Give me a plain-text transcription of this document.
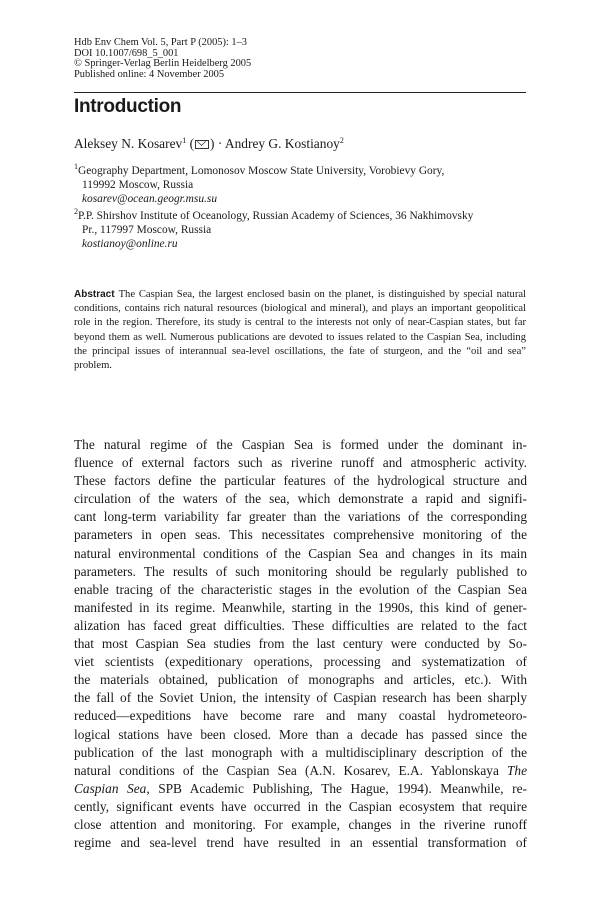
Hdb Env Chem Vol. 5, Part P (2005): 1–3
DOI 10.1007/698_5_001
© Springer-Verlag Berlin Heidelberg 2005
Published online: 4 November 2005
Introduction
Aleksey N. Kosarev$^1$ ( ) · Andrey G. Kostianoy$^2$
$^1$Geography Department, Lomonosov Moscow State University, Vorobievy Gory,
119992 Moscow, Russia
kosarev@ocean.geogr.msu.su
$^2$P.P. Shirshov Institute of Oceanology, Russian Academy of Sciences, 36 Nakhimovsky
Pr., 117997 Moscow, Russia
kostianoy@online.ru
Abstract The Caspian Sea, the largest enclosed basin on the planet, is distinguished by special natural conditions, contains rich natural resources (biological and mineral), and plays an important geopolitical role in the region. Therefore, its study is central to the interests not only of near-Caspian states, but far beyond them as well. Numerous publications are devoted to issues related to the Caspian Sea, including the principal issues of interannual sea-level oscillations, the fate of sturgeon, and the “oil and sea” problem.
The natural regime of the Caspian Sea is formed under the dominant in-
fluence of external factors such as riverine runoff and atmospheric activity.
These factors define the particular features of the hydrological structure and
circulation of the waters of the sea, which demonstrate a rapid and signifi-
cant long-term variability far greater than the variations of the corresponding
parameters in open seas. This necessitates comprehensive monitoring of the
natural environmental conditions of the Caspian Sea and changes in its main
parameters. The results of such monitoring should be regularly published to
enable tracing of the characteristic stages in the evolution of the Caspian Sea
manifested in its regime. Meanwhile, starting in the 1990s, this kind of gener-
alization has faced great difficulties. These difficulties are related to the fact
that most Caspian Sea studies from the last century were conducted by So-
viet scientists (expeditionary operations, processing and systematization of
the materials obtained, publication of monographs and articles, etc.). With
the fall of the Soviet Union, the intensity of Caspian research has been sharply
reduced—expeditions have become rare and many coastal hydrometeoro-
logical stations have been closed. More than a decade has passed since the
publication of the last monograph with a multidisciplinary description of the
natural conditions of the Caspian Sea (A.N. Kosarev, E.A. Yablonskaya The
Caspian Sea, SPB Academic Publishing, The Hague, 1994). Meanwhile, re-
cently, significant events have occurred in the Caspian ecosystem that require
close attention and monitoring. For example, changes in the riverine runoff
regime and sea-level trend have resulted in an essential transformation of
